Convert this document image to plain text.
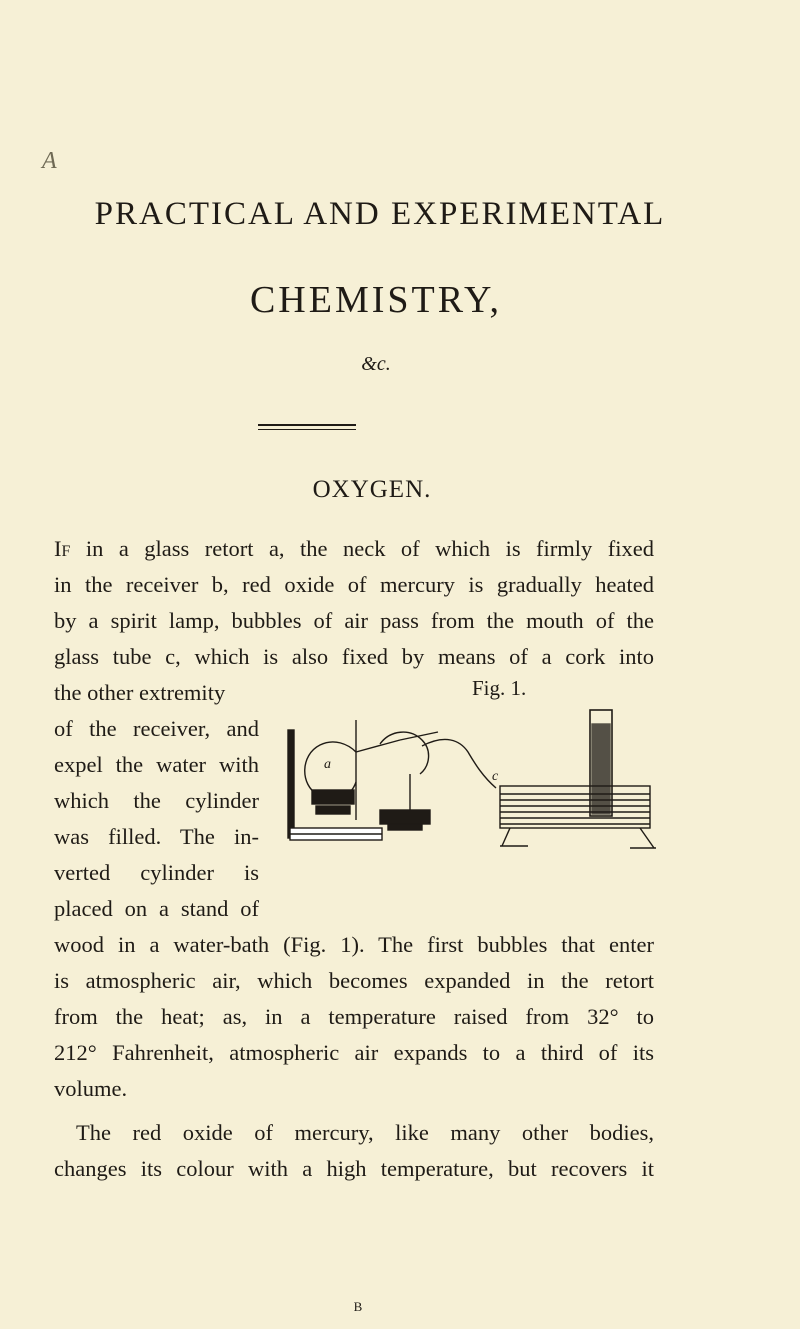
A
PRACTICAL AND EXPERIMENTAL
CHEMISTRY,
&c.
OXYGEN.
If in a glass retort a, the neck of which is firmly fixed
in the receiver b, red oxide of mercury is gradually heated
by a spirit lamp, bubbles of air pass from the mouth of the
glass tube c, which is also fixed by means of a cork into
the other extremity
of the receiver, and
expel the water with
which the cylinder
was filled. The in-
verted cylinder is
placed on a stand of
wood in a water-bath (Fig. 1). The first bubbles that enter
is atmospheric air, which becomes expanded in the retort
from the heat; as, in a temperature raised from 32° to
212° Fahrenheit, atmospheric air expands to a third of its
volume.
The red oxide of mercury, like many other bodies,
changes its colour with a high temperature, but recovers it
Fig. 1.
a
c
B
